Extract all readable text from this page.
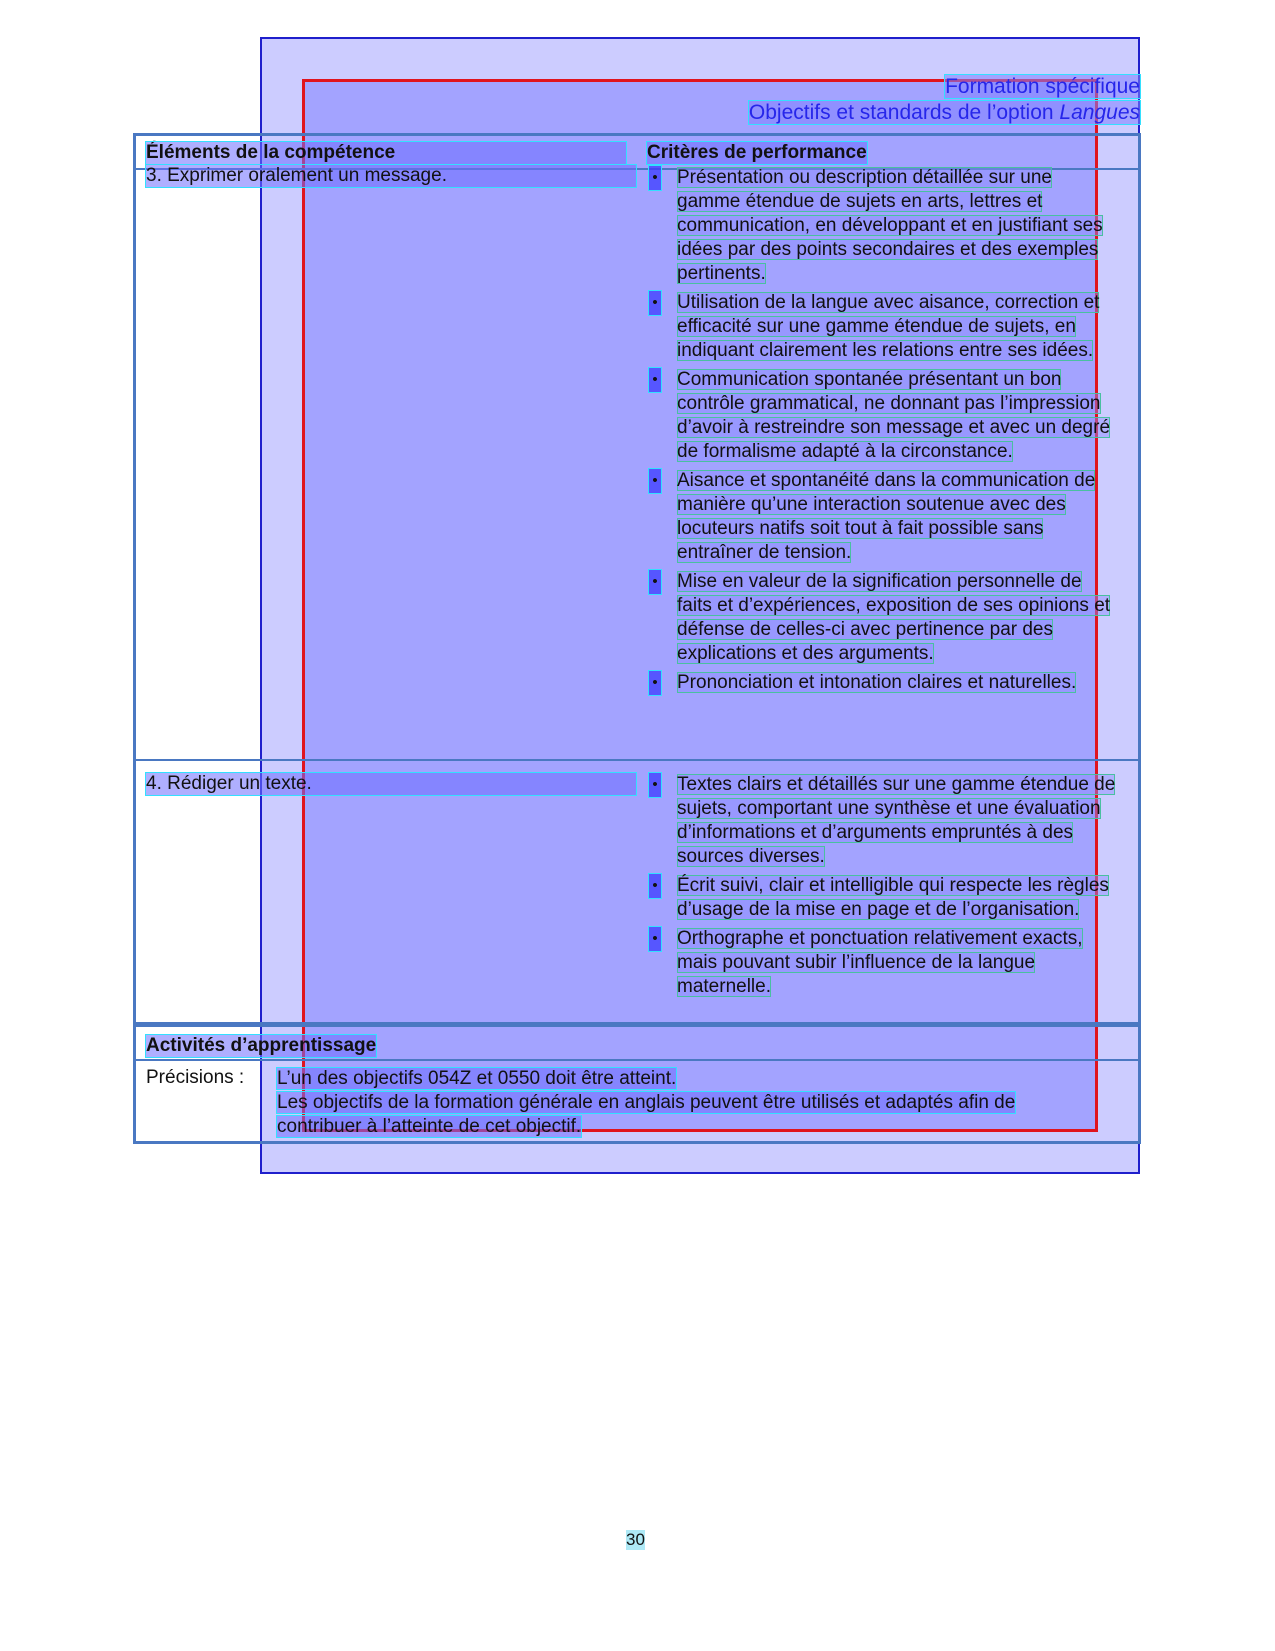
Formation spécifique
Objectifs et standards de l’option Langues
Éléments de la compétence	Critères de performance
3. Exprimer oralement un message.	• Présentation ou description détaillée sur une gamme étendue de sujets en arts, lettres et communication, en développant et en justifiant ses idées par des points secondaires et des exemples pertinents.
• Utilisation de la langue avec aisance, correction et efficacité sur une gamme étendue de sujets, en indiquant clairement les relations entre ses idées.
• Communication spontanée présentant un bon contrôle grammatical, ne donnant pas l’impression d’avoir à restreindre son message et avec un degré de formalisme adapté à la circonstance.
• Aisance et spontanéité dans la communication de manière qu’une interaction soutenue avec des locuteurs natifs soit tout à fait possible sans entraîner de tension.
• Mise en valeur de la signification personnelle de faits et d’expériences, exposition de ses opinions et défense de celles-ci avec pertinence par des explications et des arguments.
• Prononciation et intonation claires et naturelles.
4. Rédiger un texte.	• Textes clairs et détaillés sur une gamme étendue de sujets, comportant une synthèse et une évaluation d’informations et d’arguments empruntés à des sources diverses.
• Écrit suivi, clair et intelligible qui respecte les règles d’usage de la mise en page et de l’organisation.
• Orthographe et ponctuation relativement exacts, mais pouvant subir l’influence de la langue maternelle.
Activités d’apprentissage
Précisions : L’un des objectifs 054Z et 0550 doit être atteint.
Les objectifs de la formation générale en anglais peuvent être utilisés et adaptés afin de
contribuer à l’atteinte de cet objectif.
30
